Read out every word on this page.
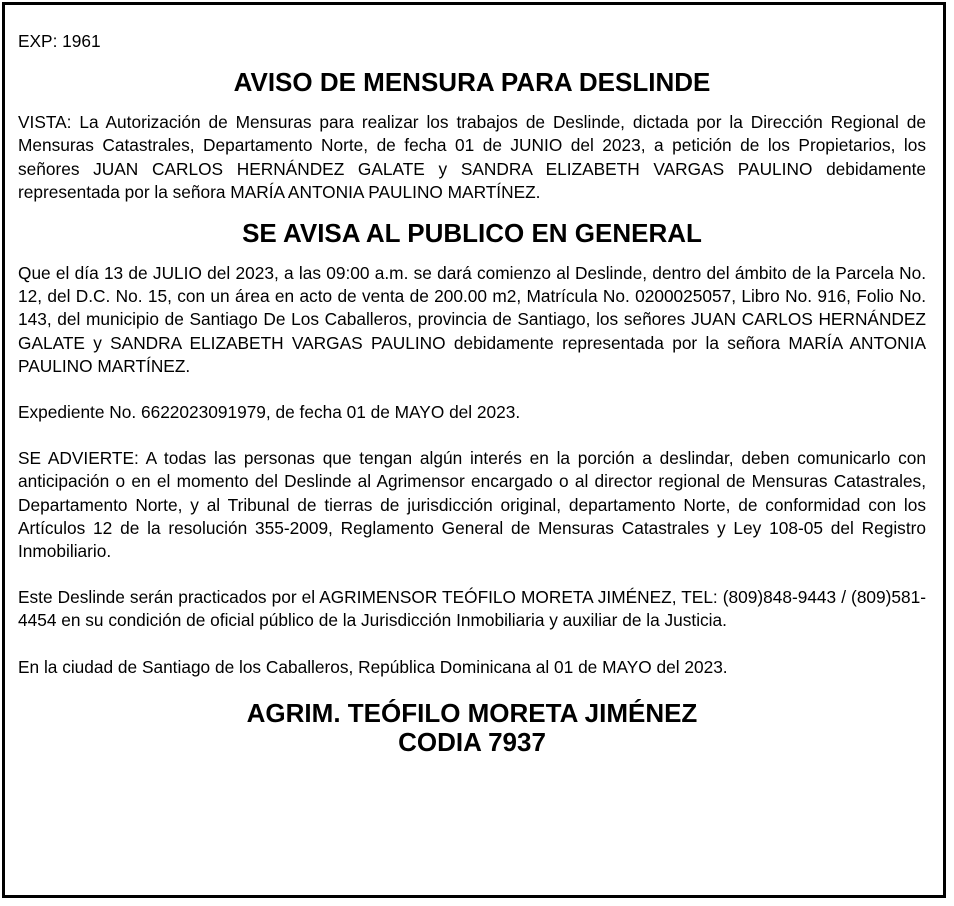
EXP: 1961

AVISO DE MENSURA PARA DESLINDE

VISTA: La Autorización de Mensuras para realizar los trabajos de Deslinde, dictada por la Dirección Regional de Mensuras Catastrales, Departamento Norte, de fecha 01 de JUNIO del 2023, a petición de los Propietarios, los señores JUAN CARLOS HERNÁNDEZ GALATE y SANDRA ELIZABETH VARGAS PAULINO debidamente representada por la señora MARÍA ANTONIA PAULINO MARTÍNEZ.

SE AVISA AL PUBLICO EN GENERAL

Que el día 13 de JULIO del 2023, a las 09:00 a.m. se dará comienzo al Deslinde, dentro del ámbito de la Parcela No. 12, del D.C. No. 15, con un área en acto de venta de 200.00 m2, Matrícula No. 0200025057, Libro No. 916, Folio No. 143, del municipio de Santiago De Los Caballeros, provincia de Santiago, los señores JUAN CARLOS HERNÁNDEZ GALATE y SANDRA ELIZABETH VARGAS PAULINO debidamente representada por la señora MARÍA ANTONIA PAULINO MARTÍNEZ.

Expediente No. 6622023091979, de fecha 01 de MAYO del 2023.

SE ADVIERTE: A todas las personas que tengan algún interés en la porción a deslindar, deben comunicarlo con anticipación o en el momento del Deslinde al Agrimensor encargado o al director regional de Mensuras Catastrales, Departamento Norte, y al Tribunal de tierras de jurisdicción original, departamento Norte, de conformidad con los Artículos 12 de la resolución 355-2009, Reglamento General de Mensuras Catastrales y Ley 108-05 del Registro Inmobiliario.

Este Deslinde serán practicados por el AGRIMENSOR TEÓFILO MORETA JIMÉNEZ, TEL: (809)848-9443 / (809)581-4454 en su condición de oficial público de la Jurisdicción Inmobiliaria y auxiliar de la Justicia.

En la ciudad de Santiago de los Caballeros, República Dominicana al 01 de MAYO del 2023.

AGRIM. TEÓFILO MORETA JIMÉNEZ
CODIA 7937
